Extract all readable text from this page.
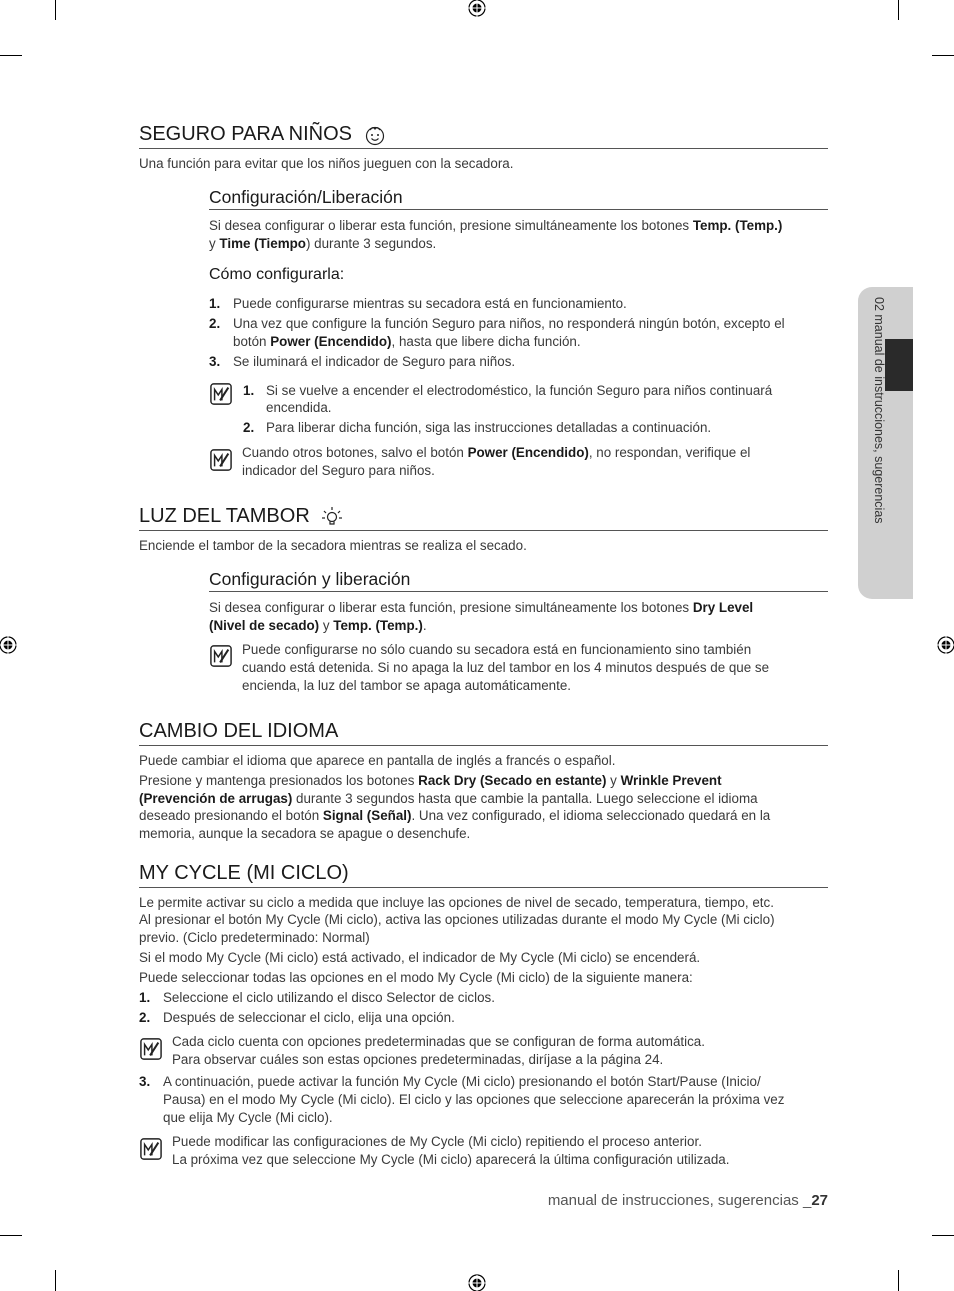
02 manual de instrucciones, sugerencias
SEGURO PARA NIÑOS
Una función para evitar que los niños jueguen con la secadora.
Configuración/Liberación
Si desea configurar o liberar esta función, presione simultáneamente los botones Temp. (Temp.)
y Time (Tiempo) durante 3 segundos.
Cómo configurarla:
1. Puede configurarse mientras su secadora está en funcionamiento.
2. Una vez que configure la función Seguro para niños, no responderá ningún botón, excepto el
botón Power (Encendido), hasta que libere dicha función.
3. Se iluminará el indicador de Seguro para niños.
1. Si se vuelve a encender el electrodoméstico, la función Seguro para niños continuará
encendida.
2. Para liberar dicha función, siga las instrucciones detalladas a continuación.
Cuando otros botones, salvo el botón Power (Encendido), no respondan, verifique el
indicador del Seguro para niños.
LUZ DEL TAMBOR
Enciende el tambor de la secadora mientras se realiza el secado.
Configuración y liberación
Si desea configurar o liberar esta función, presione simultáneamente los botones Dry Level
(Nivel de secado) y Temp. (Temp.).
Puede configurarse no sólo cuando su secadora está en funcionamiento sino también
cuando está detenida. Si no apaga la luz del tambor en los 4 minutos después de que se
encienda, la luz del tambor se apaga automáticamente.
CAMBIO DEL IDIOMA
Puede cambiar el idioma que aparece en pantalla de inglés a francés o español.
Presione y mantenga presionados los botones Rack Dry (Secado en estante) y Wrinkle Prevent
(Prevención de arrugas) durante 3 segundos hasta que cambie la pantalla. Luego seleccione el idioma
deseado presionando el botón Signal (Señal). Una vez configurado, el idioma seleccionado quedará en la
memoria, aunque la secadora se apague o desenchufe.
MY CYCLE (MI CICLO)
Le permite activar su ciclo a medida que incluye las opciones de nivel de secado, temperatura, tiempo, etc.
Al presionar el botón My Cycle (Mi ciclo), activa las opciones utilizadas durante el modo My Cycle (Mi ciclo)
previo. (Ciclo predeterminado: Normal)
Si el modo My Cycle (Mi ciclo) está activado, el indicador de My Cycle (Mi ciclo) se encenderá.
Puede seleccionar todas las opciones en el modo My Cycle (Mi ciclo) de la siguiente manera:
1. Seleccione el ciclo utilizando el disco Selector de ciclos.
2. Después de seleccionar el ciclo, elija una opción.
Cada ciclo cuenta con opciones predeterminadas que se configuran de forma automática.
Para observar cuáles son estas opciones predeterminadas, diríjase a la página 24.
3. A continuación, puede activar la función My Cycle (Mi ciclo) presionando el botón Start/Pause (Inicio/
Pausa) en el modo My Cycle (Mi ciclo). El ciclo y las opciones que seleccione aparecerán la próxima vez
que elija My Cycle (Mi ciclo).
Puede modificar las configuraciones de My Cycle (Mi ciclo) repitiendo el proceso anterior.
La próxima vez que seleccione My Cycle (Mi ciclo) aparecerá la última configuración utilizada.
manual de instrucciones, sugerencias _27
